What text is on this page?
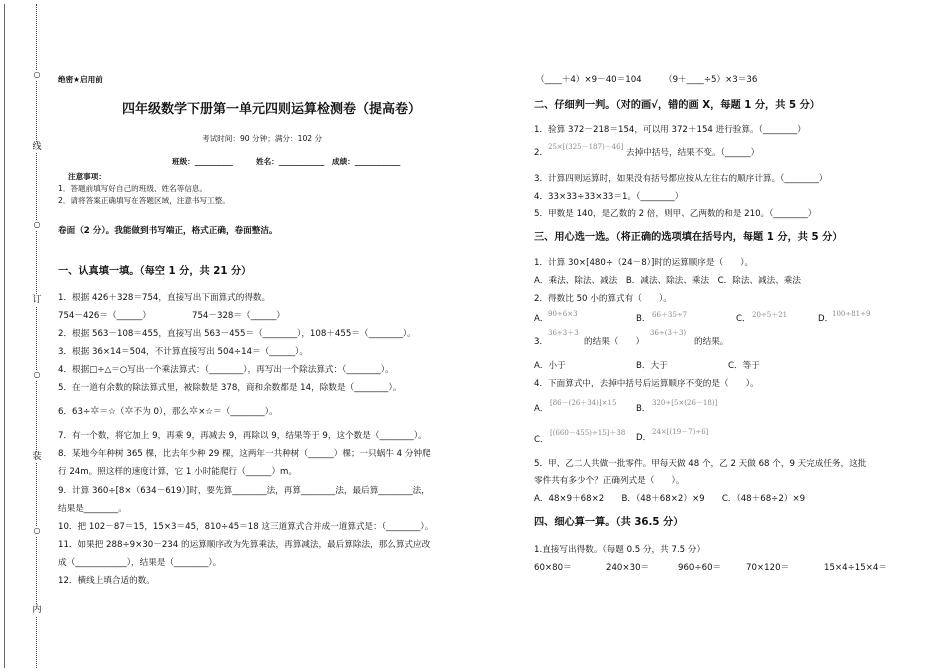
○
线
○
订
○
装
○
内
绝密★启用前
四年级数学下册第一单元四则运算检测卷（提高卷）
考试时间：90 分钟；满分：102 分
班级：__________	姓名：____________ 成绩：____________
注意事项：
1．答题前填写好自己的班级、姓名等信息。
2．请将答案正确填写在答题区域，注意书写工整。
卷面（2 分）。我能做到书写端正，格式正确，卷面整洁。
一、认真填一填。（每空 1 分，共 21 分）
1．根据 426＋328＝754，直接写出下面算式的得数。
754－426＝（______）	754－328＝（______）
2．根据 563－108＝455，直接写出 563－455＝（________），108＋455＝（________）。
3．根据 36×14＝504，不计算直接写出 504÷14＝（______）。
4．根据□÷△＝○写出一个乘法算式：（________），再写出一个除法算式：（________）。
5．在一道有余数的除法算式里，被除数是 378，商和余数都是 14，除数是（________）。
6．63÷✲＝☆（✲不为 0），那么✲×☆＝（________）。
7．有一个数，将它加上 9，再乘 9，再减去 9，再除以 9，结果等于 9，这个数是（________）。
8．某地今年种树 365 棵，比去年少种 29 棵，这两年一共种树（______）棵；一只蜗牛 4 分钟爬
行 24m。照这样的速度计算，它 1 小时能爬行（______）m。
9．计算 360÷[8×（634－619）]时，要先算________法，再算________法，最后算________法，
结果是________。
10．把 102－87＝15，15×3＝45，810÷45＝18 这三道算式合并成一道算式是：（________）。
11．如果把 288÷9×30－234 的运算顺序改为先算乘法，再算减法，最后算除法，那么算式应改
成（____________），结果是（________）。
12．横线上填合适的数。
（____＋4）×9－40＝104	（9＋____÷5）×3＝36
二、仔细判一判。（对的画√，错的画 X，每题 1 分，共 5 分）
1．验算 372－218＝154，可以用 372＋154 进行验算。（________）
2．
25×[(325－187)－46]
去掉中括号，结果不变。（______）
3．计算四则运算时，如果没有括号都应按从左往右的顺序计算。（________）
4．33×33÷33×33＝1。（________）
5．甲数是 140，是乙数的 2 倍，则甲、乙两数的和是 210。（________）
三、用心选一选。（将正确的选项填在括号内，每题 1 分，共 5 分）
1．计算 30×[480÷（24－8）]时的运算顺序是（　　）。
A．乘法、除法、减法　B．减法、除法、乘法　C．除法、减法、乘法
2．得数比 50 小的算式有（　　）。
A． 90÷6×3	B． 66＋35÷7	C． 20÷5＋21	D．
100÷81÷9
3．
36÷3＋3
的结果（　　）
36÷(3＋3)
的结果。
A．小于	B．大于	C．等于
4．下面算式中，去掉中括号后运算顺序不变的是（　　）。
A．
[86－(26＋34)]×15
B．
320÷[5×(26－18)]
C．
[(660－455)÷15]＋38 D．
24×[(19－7)÷6]
5．甲、乙二人共做一批零件。甲每天做 48 个，乙 2 天做 68 个，9 天完成任务，这批
零件共有多少个？正确列式是（　　）。
A．48×9＋68×2　　B．（48＋68×2）×9　　C．（48＋68÷2）×9
四、细心算一算。（共 36.5 分）
1.直接写出得数。（每题 0.5 分，共 7.5 分）
60×80＝	240×30＝	960÷60＝	70×120＝	15×4÷15×4＝
